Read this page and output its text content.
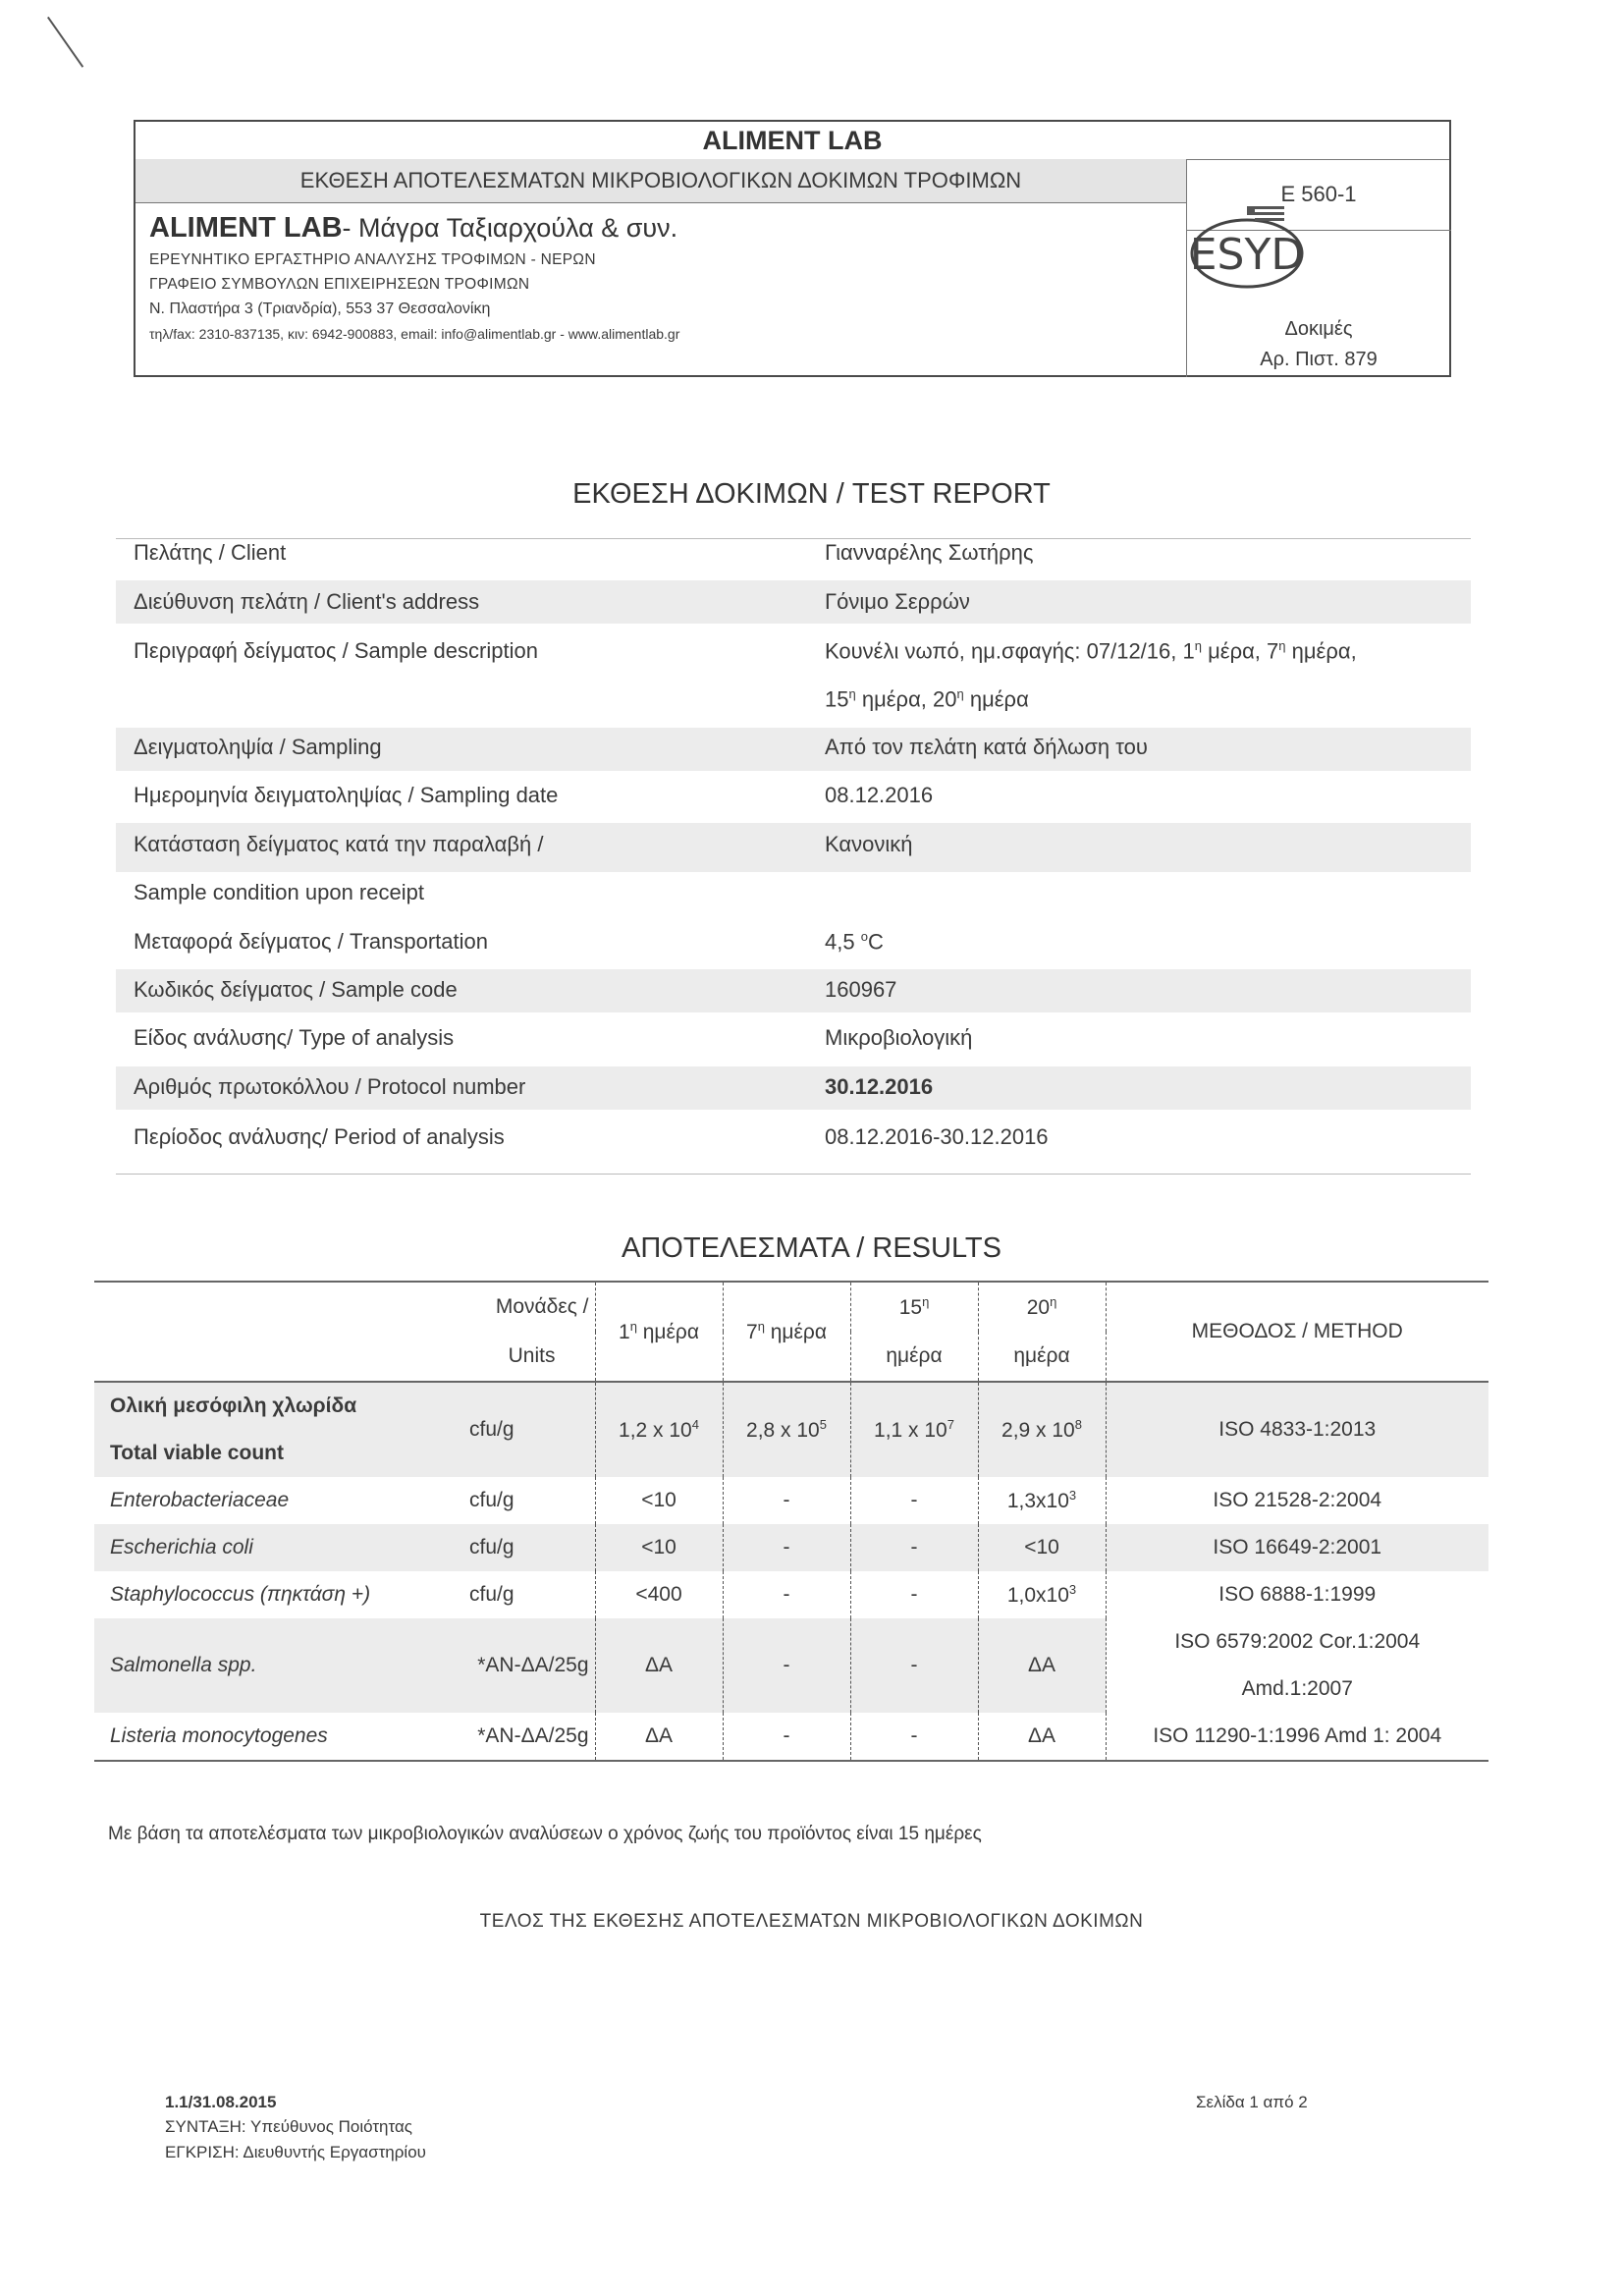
ALIMENT LAB
ΕΚΘΕΣΗ ΑΠΟΤΕΛΕΣΜΑΤΩΝ ΜΙΚΡΟΒΙΟΛΟΓΙΚΩΝ ΔΟΚΙΜΩΝ ΤΡΟΦΙΜΩΝ
Ε 560-1
ALIMENT LAB- Μάγρα Ταξιαρχούλα & συν.
ΕΡΕΥΝΗΤΙΚΟ ΕΡΓΑΣΤΗΡΙΟ ΑΝΑΛΥΣΗΣ ΤΡΟΦΙΜΩΝ - ΝΕΡΩΝ
ΓΡΑΦΕΙΟ ΣΥΜΒΟΥΛΩΝ ΕΠΙΧΕΙΡΗΣΕΩΝ ΤΡΟΦΙΜΩΝ
Ν. Πλαστήρα 3 (Τριανδρία), 553 37 Θεσσαλονίκη
τηλ/fax: 2310-837135, κιν: 6942-900883, email: info@alimentlab.gr - www.alimentlab.gr	Δοκιμές
Αρ. Πιστ. 879
ESYD
ΕΚΘΕΣΗ ΔΟΚΙΜΩΝ / TEST REPORT
Πελάτης / Client	Γιανναρέλης Σωτήρης
Διεύθυνση πελάτη / Client's address	Γόνιμο Σερρών
Περιγραφή δείγματος / Sample description	Κουνέλι νωπό, ημ.σφαγής: 07/12/16, $1^\eta$ μέρα, $7^\eta$ ημέρα,
$15^\eta$ ημέρα, $20^\eta$ ημέρα
Δειγματοληψία / Sampling	Από τον πελάτη κατά δήλωση του
Ημερομηνία δειγματοληψίας / Sampling date	08.12.2016
Κατάσταση δείγματος κατά την παραλαβή /	Κανονική
Sample condition upon receipt
Μεταφορά δείγματος / Transportation	4,5 $^o$C
Κωδικός δείγματος / Sample code	160967
Είδος ανάλυσης/ Type of analysis	Μικροβιολογική
Αριθμός πρωτοκόλλου / Protocol number	30.12.2016
Περίοδος ανάλυσης/ Period of analysis	08.12.2016-30.12.2016
ΑΠΟΤΕΛΕΣΜΑΤΑ / RESULTS
	Μονάδες /	$1^\eta$ ημέρα	$7^\eta$ ημέρα	$15^\eta$	$20^\eta$	ΜΕΘΟΔΟΣ / METHOD
	Units			ημέρα	ημέρα	

Ολική μεσόφιλη χλωρίδα
Total viable count	cfu/g	1,2 x $10^4$	2,8 x $10^5$	1,1 x $10^7$	2,9 x $10^8$	ISO 4833-1:2013
Enterobacteriaceae	cfu/g	<10	-	-	$1,3x10^3$	ISO 21528-2:2004
Escherichia coli	cfu/g	<10	-	-	<10	ISO 16649-2:2001
Staphylococcus (πηκτάση +)	cfu/g	<400	-	-	$1,0x10^3$	ISO 6888-1:1999
Salmonella spp.	*ΑΝ-ΔΑ/25g	ΔΑ	-	-	ΔΑ	ISO 6579:2002 Cor.1:2004
Amd.1:2007

Listeria monocytogenes	*ΑΝ-ΔΑ/25g	ΔΑ	-	-	ΔΑ	ISO 11290-1:1996 Amd 1: 2004
Με βάση τα αποτελέσματα των μικροβιολογικών αναλύσεων ο χρόνος ζωής του προϊόντος είναι 15 ημέρες
ΤΕΛΟΣ ΤΗΣ ΕΚΘΕΣΗΣ ΑΠΟΤΕΛΕΣΜΑΤΩΝ ΜΙΚΡΟΒΙΟΛΟΓΙΚΩΝ ΔΟΚΙΜΩΝ
1.1/31.08.2015
ΣΥΝΤΑΞΗ: Υπεύθυνος Ποιότητας
ΕΓΚΡΙΣΗ: Διευθυντής Εργαστηρίου
Σελίδα 1 από 2
